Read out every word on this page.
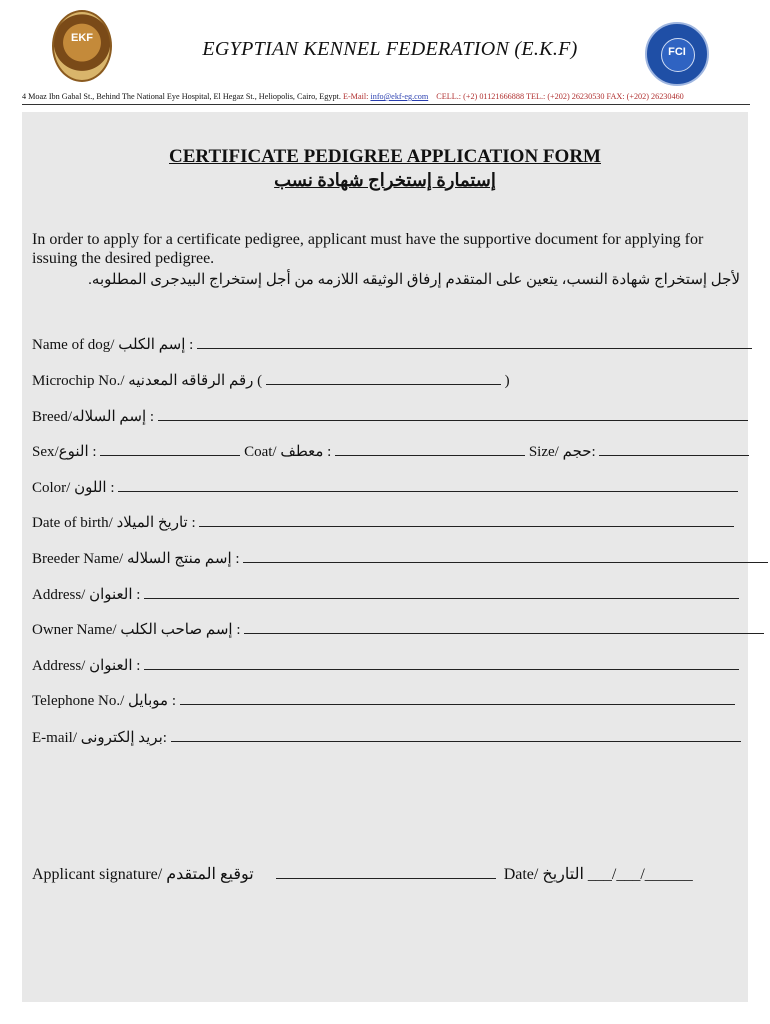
EKF	EGYPTIAN KENNEL FEDERATION (E.K.F)	FCI
4 Moaz Ibn Gabal St., Behind The National Eye Hospital, El Hegaz St., Heliopolis, Cairo, Egypt. E-Mail: info@ekf-eg.com CELL.: (+2) 01121666888 TEL.: (+202) 26230530 FAX: (+202) 26230460
CERTIFICATE PEDIGREE APPLICATION FORM
إستمارة إستخراج شهادة نسب
In order to apply for a certificate pedigree, applicant must have the supportive document for applying for issuing the desired pedigree.
لأجل إستخراج شهادة النسب، يتعين على المتقدم إرفاق الوثيقه اللازمه من أجل إستخراج البيدجرى المطلوبه.
Name of dog/ إسم الكلب :
Microchip No./ رقم الرقاقه المعدنيه (	)
Breed/إسم السلاله :
Sex/النوع :	Coat/ معطف :	Size/ حجم:
Color/ اللون :
Date of birth/ تاريخ الميلاد :
Breeder Name/ إسم منتج السلاله :
Address/ العنوان :
Owner Name/ إسم صاحب الكلب :
Address/ العنوان :
Telephone No./ موبايل :
E-mail/ بريد إلكترونى:
Applicant signature/ توقيع المتقدم	Date/ التاريخ ___/___/______
